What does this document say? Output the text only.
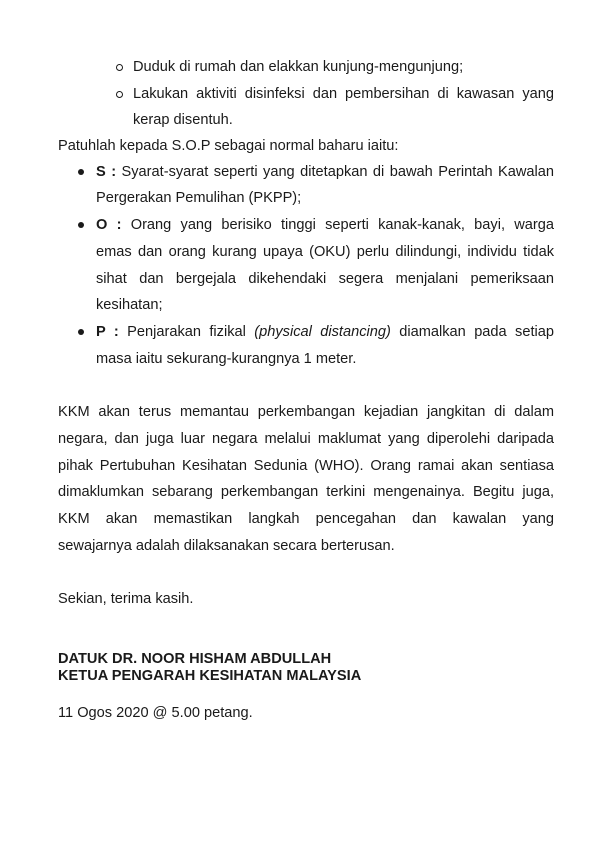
Duduk di rumah dan elakkan kunjung-mengunjung;
Lakukan aktiviti disinfeksi dan pembersihan di kawasan yang
kerap disentuh.
Patuhlah kepada S.O.P sebagai normal baharu iaitu:
S : Syarat-syarat seperti yang ditetapkan di bawah Perintah Kawalan
Pergerakan Pemulihan (PKPP);
O : Orang yang berisiko tinggi seperti kanak-kanak, bayi, warga
emas dan orang kurang upaya (OKU) perlu dilindungi, individu tidak
sihat dan bergejala dikehendaki segera menjalani pemeriksaan
kesihatan;
P : Penjarakan fizikal (physical distancing) diamalkan pada setiap
masa iaitu sekurang-kurangnya 1 meter.
KKM akan terus memantau perkembangan kejadian jangkitan di dalam
negara, dan juga luar negara melalui maklumat yang diperolehi daripada
pihak Pertubuhan Kesihatan Sedunia (WHO). Orang ramai akan sentiasa
dimaklumkan sebarang perkembangan terkini mengenainya. Begitu juga,
KKM akan memastikan langkah pencegahan dan kawalan yang
sewajarnya adalah dilaksanakan secara berterusan.
Sekian, terima kasih.
DATUK DR. NOOR HISHAM ABDULLAH
KETUA PENGARAH KESIHATAN MALAYSIA
11 Ogos 2020 @ 5.00 petang.
